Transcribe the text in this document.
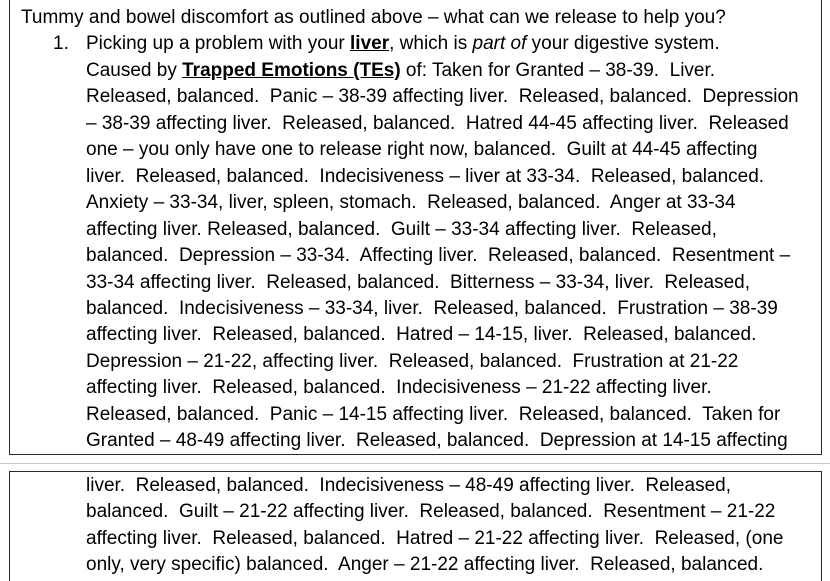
Tummy and bowel discomfort as outlined above – what can we release to help you?
1. Picking up a problem with your liver, which is part of your digestive system.
Caused by Trapped Emotions (TEs) of: Taken for Granted – 38-39.  Liver.
Released, balanced.  Panic – 38-39 affecting liver.  Released, balanced.  Depression
– 38-39 affecting liver.  Released, balanced.  Hatred 44-45 affecting liver.  Released
one – you only have one to release right now, balanced.  Guilt at 44-45 affecting
liver.  Released, balanced.  Indecisiveness – liver at 33-34.  Released, balanced.
Anxiety – 33-34, liver, spleen, stomach.  Released, balanced.  Anger at 33-34
affecting liver. Released, balanced.  Guilt – 33-34 affecting liver.  Released,
balanced.  Depression – 33-34.  Affecting liver.  Released, balanced.  Resentment –
33-34 affecting liver.  Released, balanced.  Bitterness – 33-34, liver.  Released,
balanced.  Indecisiveness – 33-34, liver.  Released, balanced.  Frustration – 38-39
affecting liver.  Released, balanced.  Hatred – 14-15, liver.  Released, balanced.
Depression – 21-22, affecting liver.  Released, balanced.  Frustration at 21-22
affecting liver.  Released, balanced.  Indecisiveness – 21-22 affecting liver.
Released, balanced.  Panic – 14-15 affecting liver.  Released, balanced.  Taken for
Granted – 48-49 affecting liver.  Released, balanced.  Depression at 14-15 affecting
liver.  Released, balanced.  Indecisiveness – 48-49 affecting liver.  Released,
balanced.  Guilt – 21-22 affecting liver.  Released, balanced.  Resentment – 21-22
affecting liver.  Released, balanced.  Hatred – 21-22 affecting liver.  Released, (one
only, very specific) balanced.  Anger – 21-22 affecting liver.  Released, balanced.
